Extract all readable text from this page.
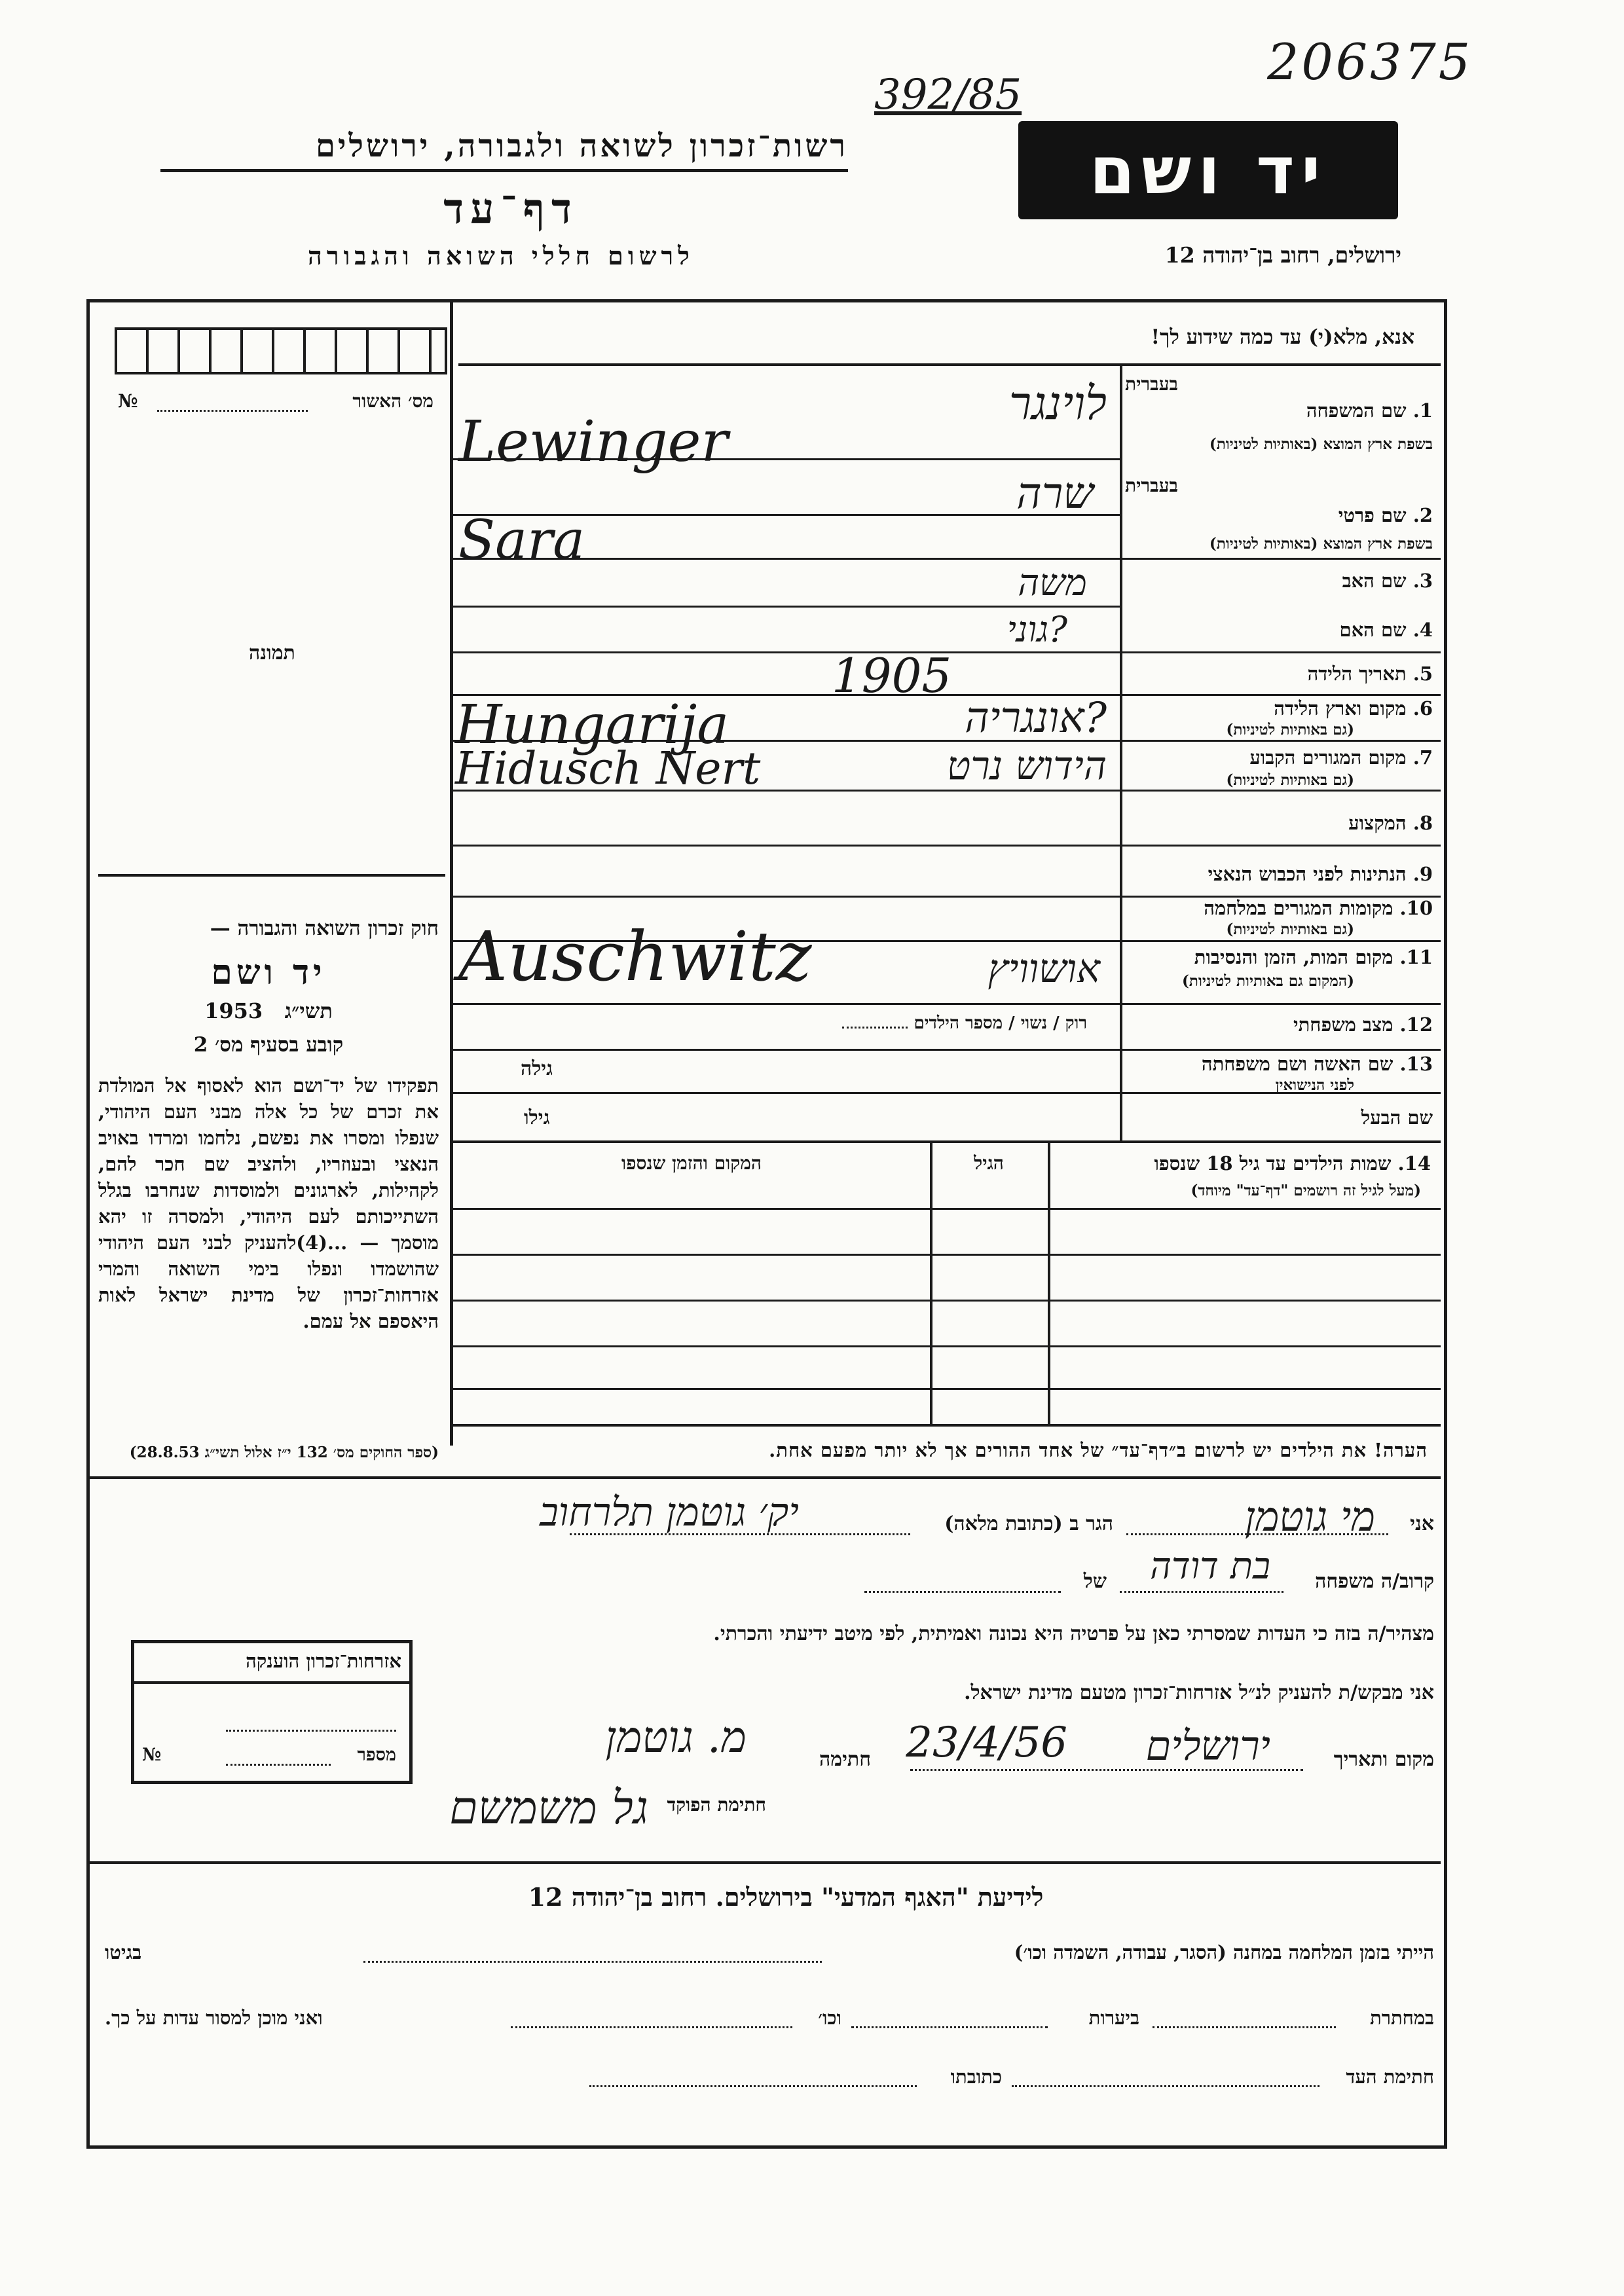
206375
392/85
רשות־זכרון לשואה ולגבורה, ירושלים
דף־עד
לרשום חללי השואה והגבורה
יד ושם
ירושלים, רחוב בן־יהודה 12
אנא, מלא(י) עד כמה שידוע לך!
№	מס׳ האשור
תמונה
חוק זכרון השואה והגבורה —
יד ושם
1953 תשי״ג
קובע בסעיף מס׳ 2
תפקידו של יד־ושם הוא לאסוף אל המולדת את זכרם של כל אלה מבני העם היהודי, שנפלו ומסרו את נפשם, נלחמו ומרדו באויב הנאצי ובעוזריו, ולהציב שם חכר להם, לקהילות, לארגונים ולמוסדות שנחרבו בגלל השתייכותם לעם היהודי, ולמסרה זו יהא מוסמך — ...(4)להעניק לבני העם היהודי שהושמדו ונפלו בימי השואה והמרי אזרחות־זכרון של מדינת ישראל לאות היאספם אל עמם.
(ספר החוקים מס׳ 132 י״ז אלול תשי״ג 28.8.53)
1. שם המשפחה
בעברית
בשפת ארץ המוצא (באותיות לטיניות)
לוינגר
Lewinger
בעברית
2. שם פרטי
בשפת ארץ המוצא (באותיות לטיניות)
שרה
Sara
3. שם האב
משה
4. שם האם
?גוני
5. תאריך הלידה
1905
6. מקום וארץ הלידה
(גם באותיות לטיניות)
?אונגריה
Hungarija
7. מקום המגורים הקבוע
(גם באותיות לטיניות)
הידוש נרט
Hidusch Nert
8. המקצוע
9. הנתינות לפני הכבוש הנאצי
10. מקומות המגורים במלחמה
(גם באותיות לטיניות)
11. מקום המות, הזמן והנסיבות
(המקום גם באותיות לטיניות)
אושוויץ
Auschwitz
12. מצב משפחתי
רוק / נשוי / מספר הילדים
13. שם האשה ושם משפחתה
לפני הנישואין
גילה
שם הבעל
גילו
14. שמות הילדים עד גיל 18 שנספו
(מעל לגיל זה רושמים "דף־עד" מיוחד)
הגיל
המקום והזמן שנספו
הערה! את הילדים יש לרשום ב״דף־עד״ של אחד ההורים אך לא יותר מפעם אחת.
אני
מי גוטמן
הגר ב (כתובת מלאה)
יק׳ גוטמן תלרחוב
קרוב/ה משפחה
בת דודה
של
מצהיר/ה בזה כי העדות שמסרתי כאן על פרטיה היא נכונה ואמיתית, לפי מיטב ידיעתי והכרתי.
אני מבקש/ת להעניק לנ״ל אזרחות־זכרון מטעם מדינת ישראל.
אזרחות־זכרון הוענקה
מספר
№	מקום ותאריך
ירושלים
23/4/56
חתימה
מ. גוטמן
חתימת הפוקד
גל משמשם
לידיעת "האגף המדעי" בירושלים. רחוב בן־יהודה 12
הייתי בזמן המלחמה במחנה (הסגר, עבודה, השמדה וכו׳)
בגיטו
במחתרת
ביערות
וכו׳
ואני מוכן למסור עדות על כך.
חתימת העד
כתובתו
